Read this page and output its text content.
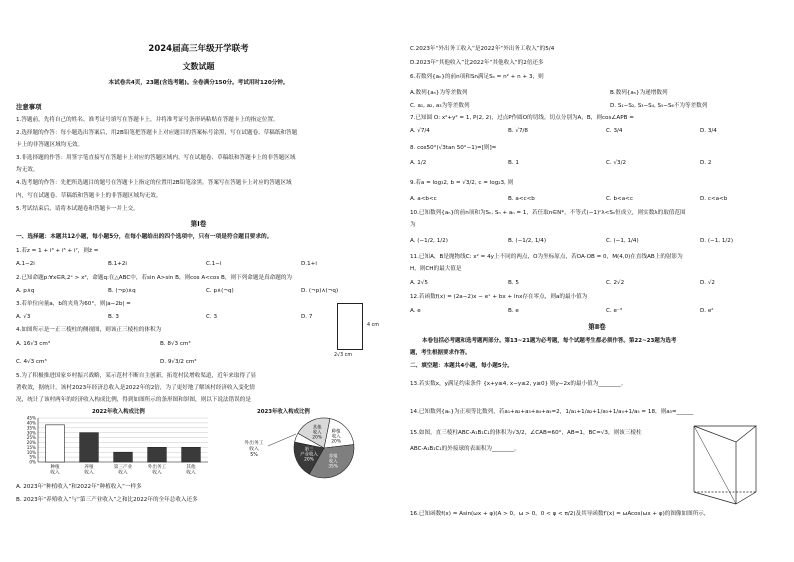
2024届高三年级开学联考
文数试题
本试卷共4页，23题(含选考题)。全卷满分150分。考试用时120分钟。
注意事项
1.答题前，先将自己的姓名、准考证号填写在答题卡上，并将准考证号条形码粘贴在答题卡上的指定位置。
2.选择题的作答：每小题选出答案后，用2B铅笔把答题卡上对应题目的答案标号涂黑，写在试题卷、草稿纸和答题
卡上的非答题区域均无效。
3.非选择题的作答：用签字笔直接写在答题卡上对应的答题区域内。写在试题卷、草稿纸和答题卡上的非答题区域
均无效。
4.选考题的作答：先把所选题目的题号在答题卡上指定的位置用2B铅笔涂黑。答案写在答题卡上对应的答题区域
内，写在试题卷、草稿纸和答题卡上的非答题区域均无效。
5.考试结束后，请将本试题卷和答题卡一并上交。
第Ⅰ卷
一、选择题：本题共12小题，每小题5分，在每小题给出的四个选项中，只有一项是符合题目要求的。
1.若z = 1 + i³ + i⁵ + i⁷，则z̄ =
A.1−2i	B.1+2i	C.1−i	D.1+i
2.已知命题p:∀x∈R,2ˣ > x²，命题q:在△ABC中，若sin A>sin B，则cos A<cos B，则下列命题是真命题的为
A. p∧q	B. (¬p)∧q	C. p∧(¬q)	D. (¬p)∧(¬q)
3.若单位向量a，b的夹角为60°，则|a−2b| =
A. √3	B. 3	C. 3	D. 7
4.如图所示是一正三棱柱的侧视图，则该正三棱柱的体积为
A. 16√3 cm³	B. 8√3 cm³
C. 4√3 cm³	D. 9√3/2 cm³
4 cm
2√3 cm
5.为了积极推进国家乡村振兴战略，某示范村不断自主创新，拓宽村民增收渠道，近年来取得了显
著收效，据统计，该村2023年经济总收入是2022年的2倍，为了更好地了解该村经济收入变化情
况，统计了该村两年的经济收入构成比例，得到如图所示的条形图和饼图，则以下说法错误的是
2022年收入构成比例
0%
5%
10%
15%
20%
25%
30%
35%
40%
45%
种植
收入
养殖
收入
第三产业
收入
外出务工
收入
其他
收入
2023年收入构成比例
种植
收入
20%
养殖
收入
35%
第三
产业收入
20%
其他
收入
20%
外出务工
收入
5%
A. 2023年“种植收入”和2022年“种植收入”一样多
B. 2023年“养殖收入”与“第三产业收入”之和比2022年的全年总收入还多
C.2023年“外出务工收入”是2022年“外出务工收入”的5/4
D.2023年“其他收入”比2022年“其他收入”的2倍还多
6.若数列{aₙ}的前n项和Sn满足Sₙ = n² + n + 3，则
A.数列{aₙ}为等差数列	B.数列{aₙ}为递增数列
C. a₁, a₂, a₃为等差数列	D. S₁−S₂, S₃−S₄, S₅−S₆不为等差数列
7.已知圆 O: x²+y² = 1, P(2, 2)，过点P作圆O的切线，切点分别为A，B，则cos∠APB =
A. √7/4	B. √7/8	C. 3/4	D. 3/4
8. cos50°(√3tan 50°−1)=[则]=
A. 1/2	B. 1	C. √3/2	D. 2
9.若a = log₃2, b = √3/2, c = log₂3, 则
A. a<b<c	B. a<c<b	C. b<a<c	D. c<a<b
10.已知数列{aₙ}的前n项和为Sₙ, Sₙ + aₙ = 1，若任取n∈N*，不等式(−1)ⁿλ<Sₙ恒成立，则实数λ的取值范围
为
A. (−1/2, 1/2)	B. (−1/2, 1/4)	C. (−1, 1/4)	D. (−1, 1/2)
11.已知A，B是抛物线C: x² = 4y上不同的两点，O为坐标原点，若OA·OB = 0，M(4,0)在直线AB上的射影为
H，则CH的最大值是
A. 2√5	B. 5	C. 2√2	D. √2
12.若函数f(x) = (2a−2)x − eˣ + bx + lnx存在零点，则a的最小值为
A. e	B. e	C. e⁻³	D. e²
第Ⅱ卷
本卷包括必考题和选考题两部分。第13~21题为必考题，每个试题考生都必须作答。第22~23题为选考
题，考生根据要求作答。
二、填空题：本题共4小题，每小题5分。
13.若实数x，y满足约束条件 {x+y≤4, x−y≤2, y≥0} 则y−2x的最小值为________。
14.已知数列{aₙ}为正项等比数列，若a₁+a₂+a₃+a₄+a₅=2，1/a₁+1/a₂+1/a₃+1/a₄+1/a₅ = 18，则a₃=______
15.如图，直三棱柱ABC-A₁B₁C₁的体积为√3/2，∠CAB=60°，AB=1，BC=√3，则该三棱柱
ABC-A₁B₁C₁的外接球的表面积为________。
16.已知函数f(x) = Asin(ωx + φ)(A > 0，ω > 0，0 < φ < π/2)及其导函数f′(x) = ωAcos(ωx + φ)的图像如图所示，
